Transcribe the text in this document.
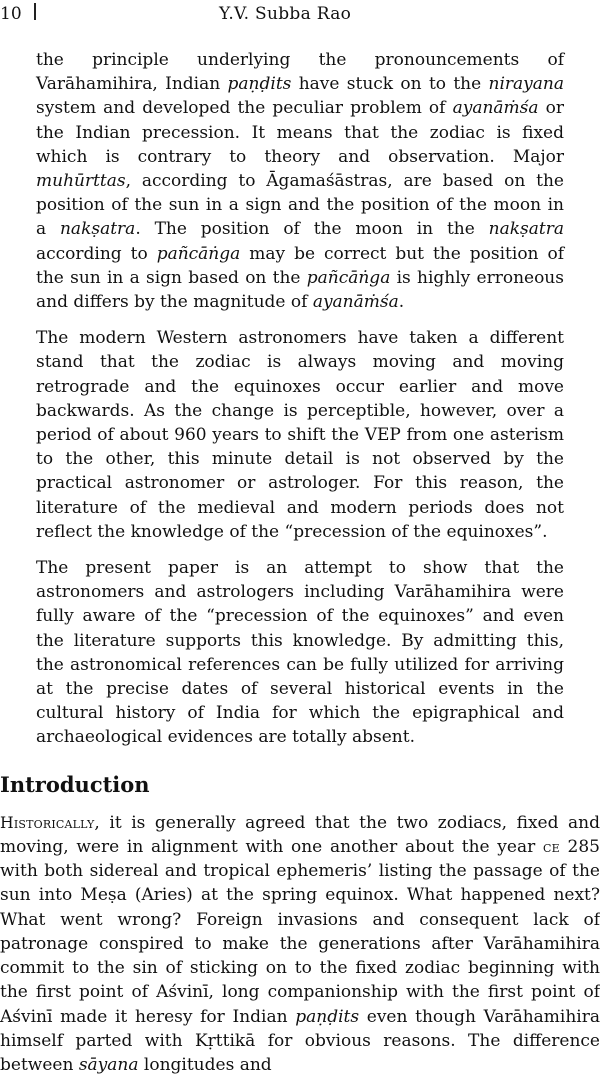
10	Y.V. Subba Rao

the principle underlying the pronouncements of Varāhamihira, Indian paṇḍits have stuck on to the nirayana system and developed the peculiar problem of ayanāṁśa or the Indian precession. It means that the zodiac is fixed which is contrary to theory and observation. Major muhūrttas, according to Āgamaśāstras, are based on the position of the sun in a sign and the position of the moon in a nakṣatra. The position of the moon in the nakṣatra according to pañcāṅga may be correct but the position of the sun in a sign based on the pañcāṅga is highly erroneous and differs by the magnitude of ayanāṁśa.

The modern Western astronomers have taken a different stand that the zodiac is always moving and moving retrograde and the equinoxes occur earlier and move backwards. As the change is perceptible, however, over a period of about 960 years to shift the VEP from one asterism to the other, this minute detail is not observed by the practical astronomer or astrologer. For this reason, the literature of the medieval and modern periods does not reflect the knowledge of the “precession of the equinoxes”.

The present paper is an attempt to show that the astronomers and astrologers including Varāhamihira were fully aware of the “precession of the equinoxes” and even the literature supports this knowledge. By admitting this, the astronomical references can be fully utilized for arriving at the precise dates of several historical events in the cultural history of India for which the epigraphical and archaeological evidences are totally absent.

Introduction

Historically, it is generally agreed that the two zodiacs, fixed and moving, were in alignment with one another about the year ce 285 with both sidereal and tropical ephemeris’ listing the passage of the sun into Meṣa (Aries) at the spring equinox. What happened next? What went wrong? Foreign invasions and consequent lack of patronage conspired to make the generations after Varāhamihira commit to the sin of sticking on to the fixed zodiac beginning with the first point of Aśvinī, long companionship with the first point of Aśvinī made it heresy for Indian paṇḍits even though Varāhamihira himself parted with Kṛttikā for obvious reasons. The difference between sāyana longitudes and
